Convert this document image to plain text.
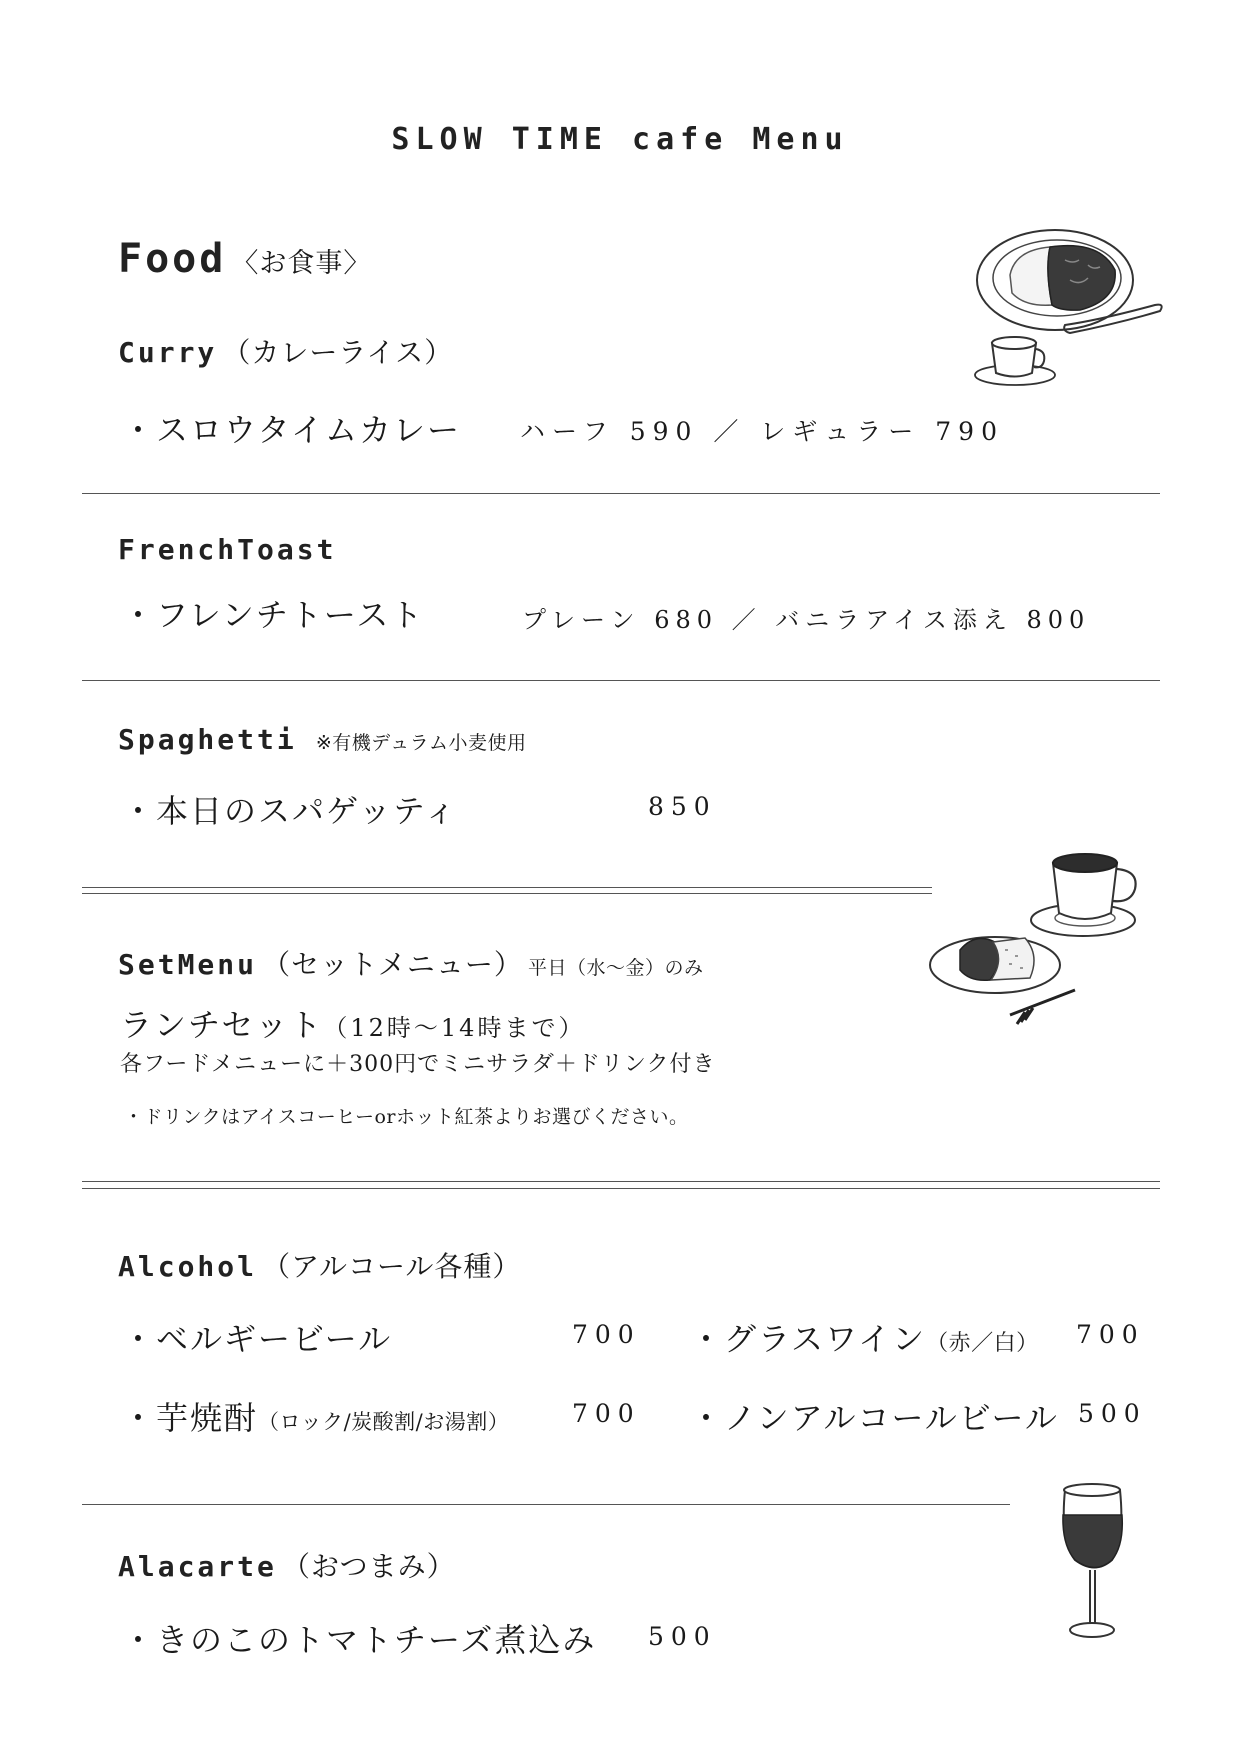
SLOW TIME cafe Menu
Food 〈お食事〉
Curry （カレーライス）
・スロウタイムカレー ハーフ 590 ／ レギュラー 790
FrenchToast
・フレンチトースト	プレーン 680 ／ バニラアイス添え 800
Spaghetti ※有機デュラム小麦使用
・本日のスパゲッティ	850
SetMenu （セットメニュー） 平日（水～金）のみ
ランチセット（12時～14時まで）
各フードメニューに＋300円でミニサラダ＋ドリンク付き
・ドリンクはアイスコーヒーorホット紅茶よりお選びください。
Alcohol （アルコール各種）
・ベルギービール	700 ・グラスワイン（赤／白） 700
・芋焼酎（ロック/炭酸割/お湯割）	700 ・ノンアルコールビール 500
Alacarte （おつまみ）
・きのこのトマトチーズ煮込み 500
